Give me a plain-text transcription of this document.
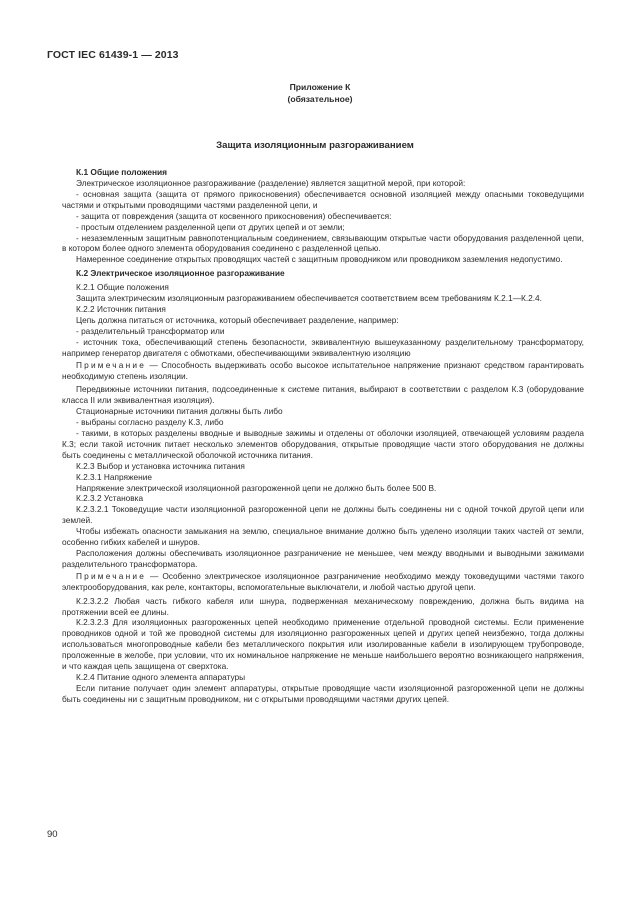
ГОСТ IEC 61439-1 — 2013
Приложение К
(обязательное)
Защита изоляционным разгораживанием
К.1 Общие положения

Электрическое изоляционное разгораживание (разделение) является защитной мерой, при которой:

- основная защита (защита от прямого прикосновения) обеспечивается основной изоляцией между опасными токоведущими частями и открытыми проводящими частями разделенной цепи, и

- защита от повреждения (защита от косвенного прикосновения) обеспечивается:

- простым отделением разделенной цепи от других цепей и от земли;

- незаземленным защитным равнопотенциальным соединением, связывающим открытые части оборудования разделенной цепи, в котором более одного элемента оборудования соединено с разделенной цепью.

Намеренное соединение открытых проводящих частей с защитным проводником или проводником заземления недопустимо.

К.2 Электрическое изоляционное разгораживание

К.2.1 Общие положения

Защита электрическим изоляционным разгораживанием обеспечивается соответствием всем требованиям К.2.1—К.2.4.

К.2.2 Источник питания

Цепь должна питаться от источника, который обеспечивает разделение, например:

- разделительный трансформатор или

- источник тока, обеспечивающий степень безопасности, эквивалентную вышеуказанному разделительному трансформатору, например генератор двигателя с обмотками, обеспечивающими эквивалентную изоляцию

Примечание — Способность выдерживать особо высокое испытательное напряжение признают средством гарантировать необходимую степень изоляции.

Передвижные источники питания, подсоединенные к системе питания, выбирают в соответствии с разделом К.3 (оборудование класса II или эквивалентная изоляция).

Стационарные источники питания должны быть либо

- выбраны согласно разделу К.3, либо

- такими, в которых разделены вводные и выводные зажимы и отделены от оболочки изоляцией, отвечающей условиям раздела К.3; если такой источник питает несколько элементов оборудования, открытые проводящие части этого оборудования не должны быть соединены с металлической оболочкой источника питания.

К.2.3 Выбор и установка источника питания

К.2.3.1 Напряжение

Напряжение электрической изоляционной разгороженной цепи не должно быть более 500 В.

К.2.3.2 Установка

К.2.3.2.1 Токоведущие части изоляционной разгороженной цепи не должны быть соединены ни с одной точкой другой цепи или землей.

Чтобы избежать опасности замыкания на землю, специальное внимание должно быть уделено изоляции таких частей от земли, особенно гибких кабелей и шнуров.

Расположения должны обеспечивать изоляционное разграничение не меньшее, чем между вводными и выводными зажимами разделительного трансформатора.

Примечание — Особенно электрическое изоляционное разграничение необходимо между токоведущими частями такого электрооборудования, как реле, контакторы, вспомогательные выключатели, и любой частью другой цепи.

К.2.3.2.2 Любая часть гибкого кабеля или шнура, подверженная механическому повреждению, должна быть видима на протяжении всей ее длины.

К.2.3.2.3 Для изоляционных разгороженных цепей необходимо применение отдельной проводной системы. Если применение проводников одной и той же проводной системы для изоляционно разгороженных цепей и других цепей неизбежно, тогда должны использоваться многопроводные кабели без металлического покрытия или изолированные кабели в изолирующем трубопроводе, проложенные в желобе, при условии, что их номинальное напряжение не меньше наибольшего вероятно возникающего напряжения, и что каждая цепь защищена от сверхтока.

К.2.4 Питание одного элемента аппаратуры

Если питание получает один элемент аппаратуры, открытые проводящие части изоляционной разгороженной цепи не должны быть соединены ни с защитным проводником, ни с открытыми проводящими частями других цепей.

90
